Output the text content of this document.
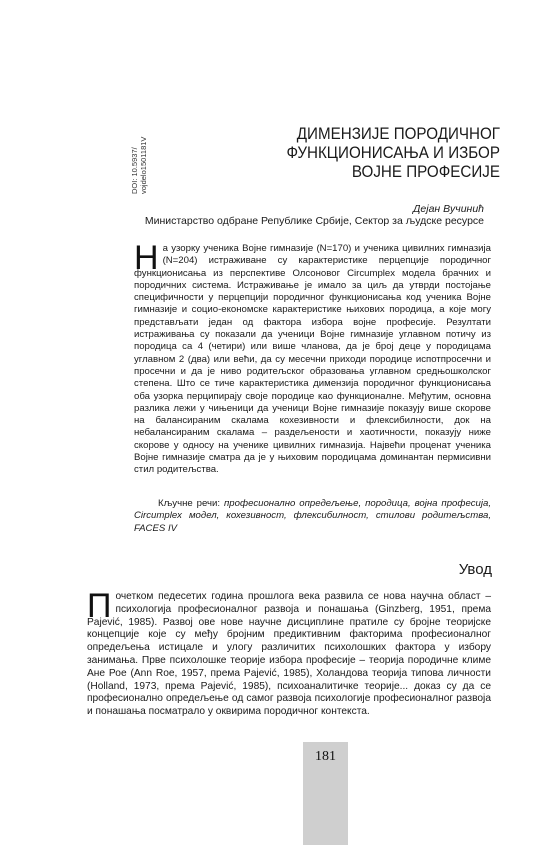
DOI: 10.5937/ vojdelo1501181V
ДИМЕНЗИЈЕ ПОРОДИЧНОГ
ФУНКЦИОНИСАЊА И ИЗБОР
ВОЈНЕ ПРОФЕСИЈЕ
Дејан Вучинић
Министарство одбране Републике Србије, Сектор за људске ресурсе

На узорку ученика Војне гимназије (N=170) и ученика цивилних гимназија (N=204) истраживане су карактеристике перцепције породичног функционисања из перспективе Олсоновог Circumplex модела брачних и породичних система. Истраживање је имало за циљ да утврди постојање специфичности у перцепцији породичног функционисања код ученика Војне гимназије и социо-економске карактеристике њихових породица, а које могу представљати један од фактора избора војне професије. Резултати истраживања су показали да ученици Војне гимназије углавном потичу из породица са 4 (четири) или више чланова, да је број деце у породицама углавном 2 (два) или већи, да су месечни приходи породице испотпросечни и просечни и да је ниво родитељског образовања углавном средњошколског степена. Што се тиче карактеристика димензија породичног функционисања оба узорка перципирају своје породице као функционалне. Међутим, основна разлика лежи у чињеници да ученици Војне гимназије показују више скорове на балансираним скалама кохезивности и флексибилности, док на небалансираним скалама – раздељености и хаотичности, показују ниже скорове у односу на ученике цивилних гимназија. Највећи проценат ученика Војне гимназије сматра да је у њиховим породицама доминантан пермисивни стил родитељства.

Кључне речи: професионално опредељење, породица, војна професија, Circumplex модел, кохезивност, флексибилност, стилови родитељства, FACES IV
Увод

Почетком педесетих година прошлога века развила се нова научна област – психологија професионалног развоја и понашања (Ginzberg, 1951, према Pajević, 1985). Развој ове нове научне дисциплине пратиле су бројне теоријске концепције које су међу бројним предиктивним факторима професионалног опредељења истицале и улогу различитих психолошких фактора у избору занимања. Прве психолошке теорије избора професије – теорија породичне климе Ане Рое (Ann Roe, 1957, према Pajević, 1985), Холандова теорија типова личности (Holland, 1973, према Pajević, 1985), психоаналитичке теорије... доказ су да се професионално опредељење од самог развоја психологије професионалног развоја и понашања посматрало у оквирима породичног контекста.

181
